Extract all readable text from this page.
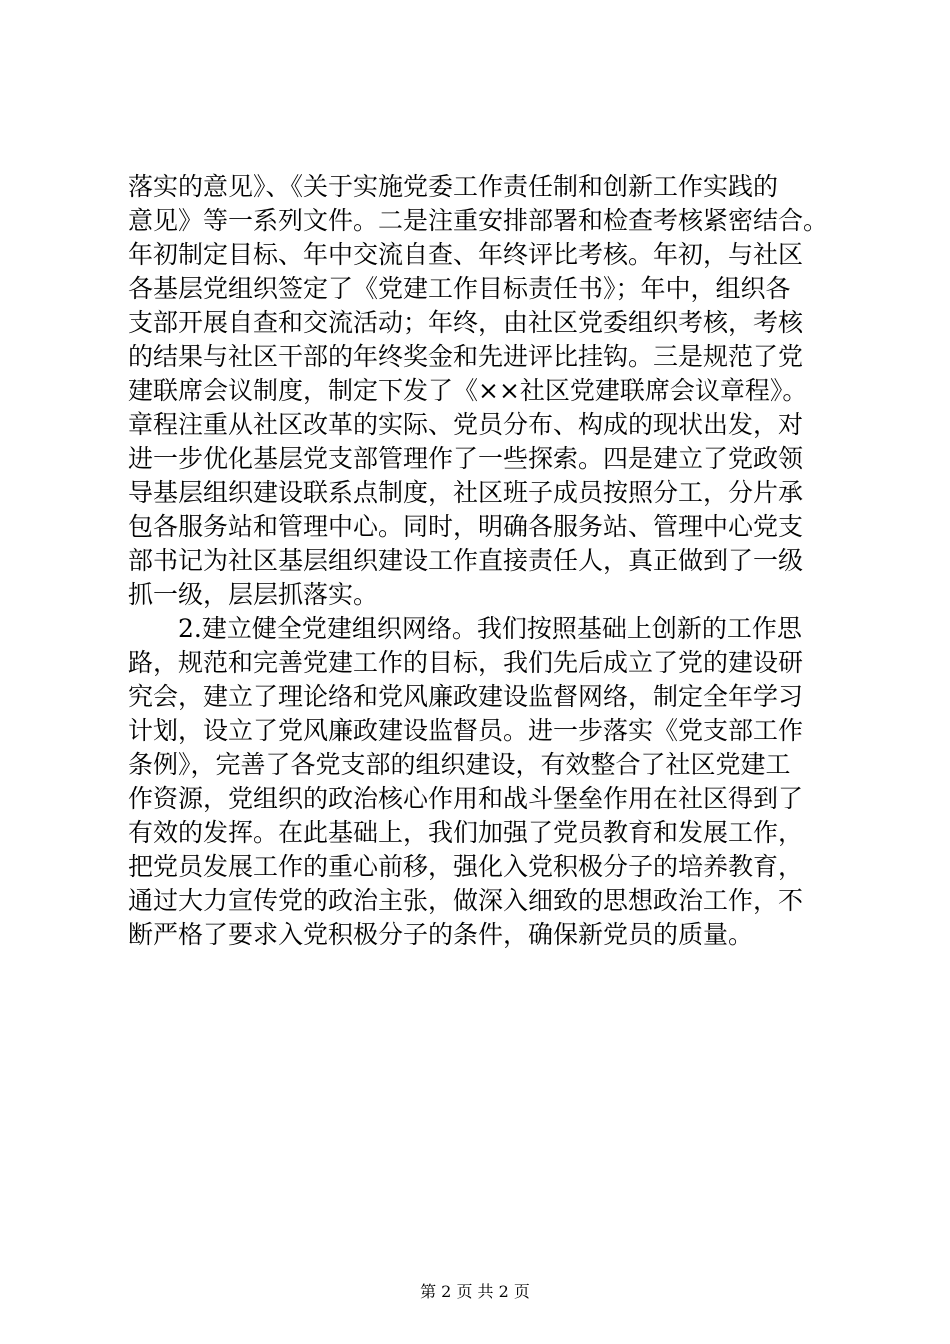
落实的意见》、《关于实施党委工作责任制和创新工作实践的
意见》等一系列文件。二是注重安排部署和检查考核紧密结合。
年初制定目标、年中交流自查、年终评比考核。年初，与社区
各基层党组织签定了《党建工作目标责任书》；年中，组织各
支部开展自查和交流活动；年终，由社区党委组织考核，考核
的结果与社区干部的年终奖金和先进评比挂钩。三是规范了党
建联席会议制度，制定下发了《××社区党建联席会议章程》。
章程注重从社区改革的实际、党员分布、构成的现状出发，对
进一步优化基层党支部管理作了一些探索。四是建立了党政领
导基层组织建设联系点制度，社区班子成员按照分工，分片承
包各服务站和管理中心。同时，明确各服务站、管理中心党支
部书记为社区基层组织建设工作直接责任人，真正做到了一级
抓一级，层层抓落实。
　　2.建立健全党建组织网络。我们按照基础上创新的工作思
路，规范和完善党建工作的目标，我们先后成立了党的建设研
究会，建立了理论络和党风廉政建设监督网络，制定全年学习
计划，设立了党风廉政建设监督员。进一步落实《党支部工作
条例》，完善了各党支部的组织建设，有效整合了社区党建工
作资源，党组织的政治核心作用和战斗堡垒作用在社区得到了
有效的发挥。在此基础上，我们加强了党员教育和发展工作，
把党员发展工作的重心前移，强化入党积极分子的培养教育，
通过大力宣传党的政治主张，做深入细致的思想政治工作，不
断严格了要求入党积极分子的条件，确保新党员的质量。
第 2 页 共 2 页
